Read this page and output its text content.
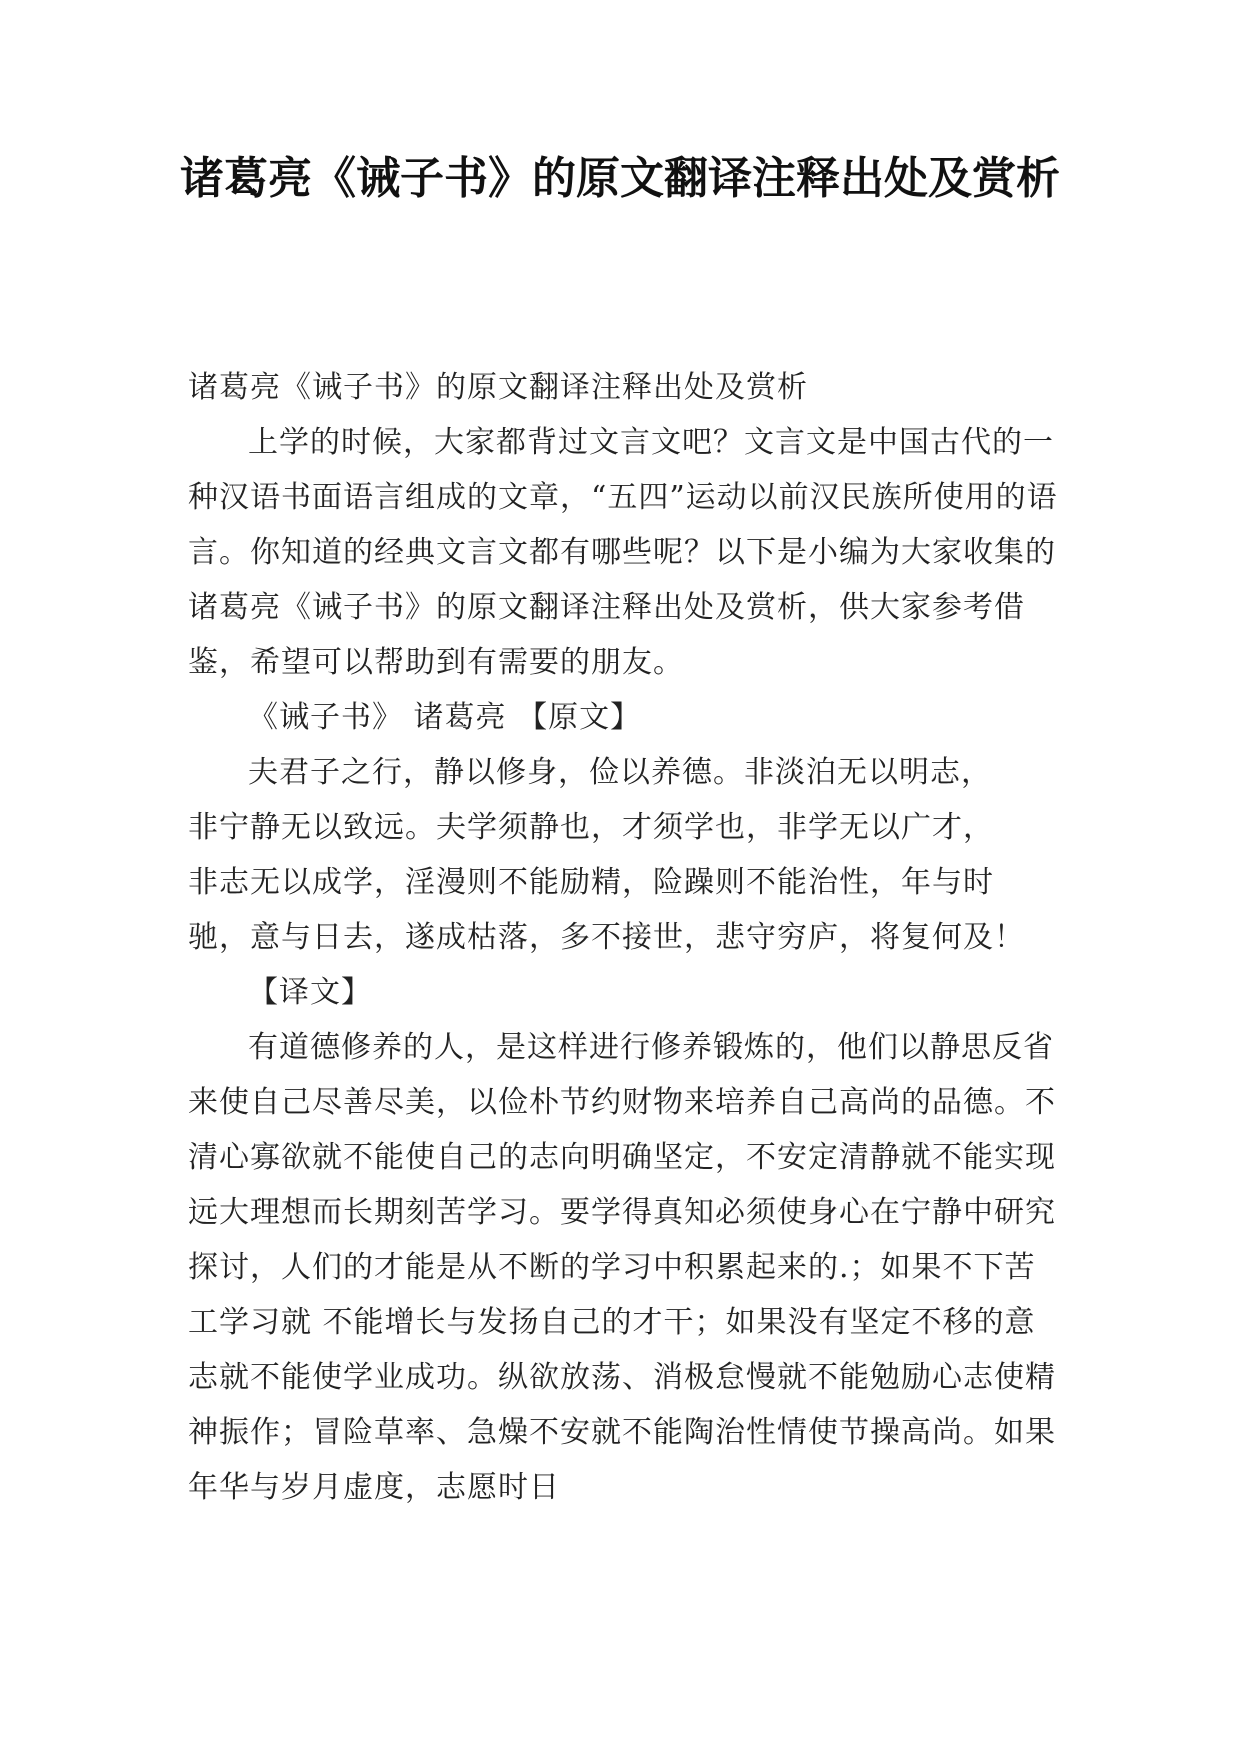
诸葛亮《诫子书》的原文翻译注释出处及赏析

诸葛亮《诫子书》的原文翻译注释出处及赏析

上学的时候，大家都背过文言文吧？文言文是中国古代的一种汉语书面语言组成的文章，“五四”运动以前汉民族所使用的语言。你知道的经典文言文都有哪些呢？以下是小编为大家收集的诸葛亮《诫子书》的原文翻译注释出处及赏析，供大家参考借鉴，希望可以帮助到有需要的朋友。

《诫子书》 诸葛亮 【原文】

夫君子之行，静以修身，俭以养德。非淡泊无以明志，
非宁静无以致远。夫学须静也，才须学也，非学无以广才，
非志无以成学，淫漫则不能励精，险躁则不能治性，年与时
驰，意与日去，遂成枯落，多不接世，悲守穷庐，将复何及！

【译文】

有道德修养的人，是这样进行修养锻炼的，他们以静思反省来使自己尽善尽美，以俭朴节约财物来培养自己高尚的品德。不清心寡欲就不能使自己的志向明确坚定，不安定清静就不能实现远大理想而长期刻苦学习。要学得真知必须使身心在宁静中研究探讨，人们的才能是从不断的学习中积累起来的.；如果不下苦工学习就 不能增长与发扬自己的才干；如果没有坚定不移的意志就不能使学业成功。纵欲放荡、消极怠慢就不能勉励心志使精神振作；冒险草率、急燥不安就不能陶治性情使节操高尚。如果年华与岁月虚度，志愿时日
